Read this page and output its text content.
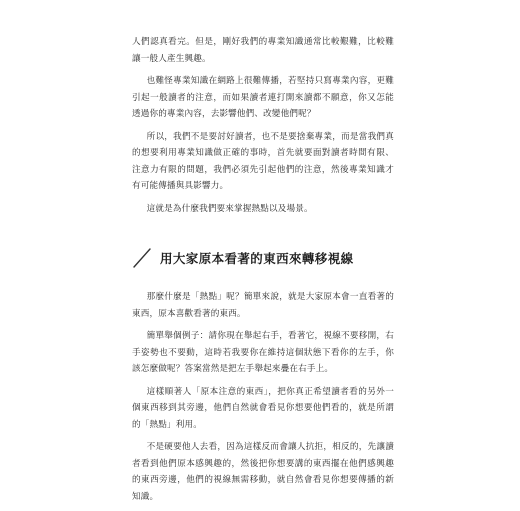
人們認真看完。但是，剛好我們的專業知識通常比較艱難，比較難讓一般人產生興趣。

也難怪專業知識在網路上很難傳播，若堅持只寫專業內容，更難引起一般讀者的注意，而如果讀者連打開來讀都不願意，你又怎能透過你的專業內容，去影響他們、改變他們呢？

所以，我們不是要討好讀者，也不是要捨棄專業，而是當我們真的想要利用專業知識做正確的事時，首先就要面對讀者時間有限、注意力有限的問題，我們必須先引起他們的注意，然後專業知識才有可能傳播與具影響力。

這就是為什麼我們要來掌握熱點以及場景。

用大家原本看著的東西來轉移視線

那麼什麼是「熱點」呢？簡單來說，就是大家原本會一直看著的東西，原本喜歡看著的東西。

簡單舉個例子：請你現在舉起右手，看著它，視線不要移開，右手姿勢也不要動，這時若我要你在維持這個狀態下看你的左手，你該怎麼做呢？答案當然是把左手舉起來疊在右手上。

這樣順著人「原本注意的東西」，把你真正希望讀者看的另外一個東西移到其旁邊，他們自然就會看見你想要他們看的，就是所謂的「熱點」利用。

不是硬要他人去看，因為這樣反而會讓人抗拒，相反的，先讓讀者看到他們原本感興趣的，然後把你想要講的東西擺在他們感興趣的東西旁邊，他們的視線無需移動，就自然會看見你想要傳播的新知識。
